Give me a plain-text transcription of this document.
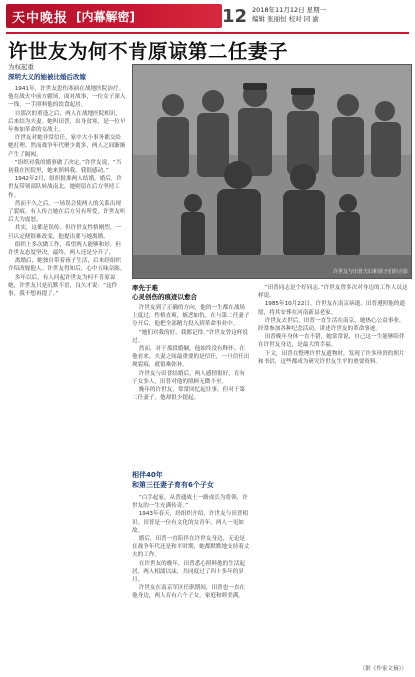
天中晚报 [内幕解密]	12 2018年11月12日 星期一
编辑 张丽恒 校对 同 渝
许世友为何不肯原谅第二任妻子
为权起重
深明大义的她被比婚后改嫁

1941年，许世友患伤寒病在战地医院治疗。他在战火中前方疆场，面对战事，一位女子深入一线，一手照料他的饮食起居。

自那次的重逢之后，两人在战地医院相识，后来结为夫妻。她叫田普，出身贫寒，是一位早年参加革命的女战士。

许世友对她非常信任，家中大小事务都交给她打理。然而战争年代聚少离多，两人之间渐渐产生了隔阂。

“组织对我的婚事做了决定。”许世友说，“当初我在医院里，她来照料我，我很感动。”

1942年2月，组织批准两人结婚。婚后，许世友带领部队转战南北，她则留在后方坚持工作。

然而不久之后，一场误会使两人的关系出现了裂痕。有人传言她在后方另有所爱，许世友听后大为震怒。

其实，这都是误传。但许世友性格刚烈，一旦认定便很难改变，他提出要与她离婚。

组织上多次做工作，希望两人能够和好，但许世友态度坚决。最终，两人还是分开了。

离婚后，她独自带着孩子生活，后来经组织介绍改嫁他人。许世友得知后，心中五味杂陈。

多年以后，有人问起许世友为何不肯原谅她，许世友只是沉默不语，良久才说：“这件事，我不想再提了。”

许世友与田普夫妇和孩子们的合影
率先于难
心灵创伤的痕迹以愈合

许世友到了正确的方向，他的一生都在战场上度过，性格直爽，嫉恶如仇。在与第二任妻子分开后，他把全部精力投入到革命事业中。

“她们对我的好，我都记得。”许世友曾这样说过。

然而，对于那段婚姻，他始终没有释怀。在他看来，夫妻之间最重要的是信任，一旦信任出现裂痕，就很难弥补。

许世友与田普结婚后，两人感情很好，育有子女多人，田普对他的照顾无微不至。

晚年的许世友，常常回忆起往事，但对于第二任妻子，他却很少提起。

相伴40年
和第三任妻子育有6个子女

“白手起家，从普通战士一路成长为将领，许世友的一生充满传奇。”

1943年春天，经组织介绍，许世友与田普相识。田普是一位有文化的女青年，两人一见如故。

婚后，田普一直陪伴在许世友身边，无论是在战争年代还是和平时期，她都默默地支持着丈夫的工作。

在许世友的晚年，田普悉心照料他的生活起居，两人相濡以沫，共同度过了四十多年的岁月。

许世友在南京军区任职期间，田普也一直在他身边，两人育有六个子女，家庭和睦美满。

“田普同志是个好同志。”许世友曾多次对身边的工作人员这样说。

1985年10月22日，许世友在南京病逝。田普遵照他的遗愿，将其安葬在河南新县老家。

许世友去世后，田普一直生活在南京，她热心公益事业，经常参加各种纪念活动，讲述许世友的革命事迹。

田普晚年身体一直不错，她常常说，自己这一生能够陪伴在许世友身边，是最大的幸福。

下文，田普在整理许世友遗物时，发现了许多珍贵的照片和书信，这些都成为研究许世友生平的重要资料。

（据《作家文摘》）
